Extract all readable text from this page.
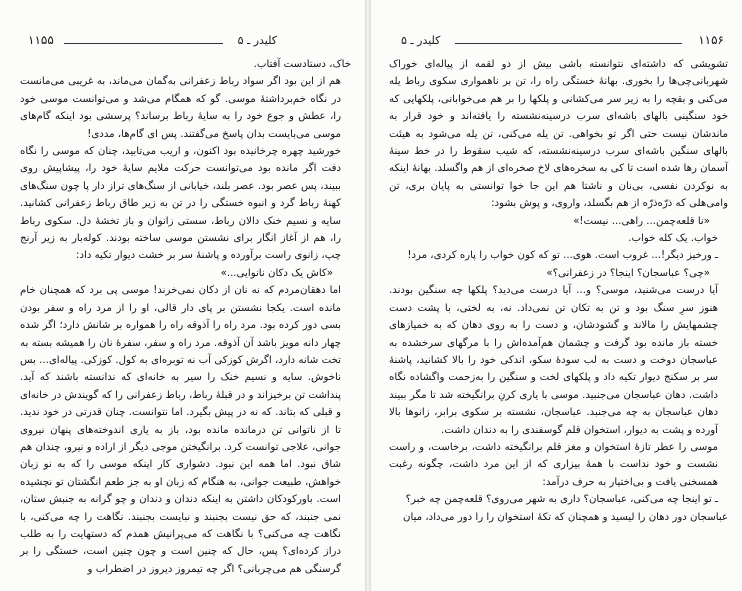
۱۱۵۵	کلیدر ـ ۵

خاک، دستادست آفتاب.

هم از این بود اگر سواد رباط زعفرانی به‌گمان می‌ماند، به غریبی می‌مانست در نگاه خم‌برداشتهٔ موسی. گو که همگام می‌شد و می‌توانست موسی خود را، عطش و جوع خود را به سایهٔ رباط برساند؟ پرسشی بود اینکه گام‌های موسی می‌بایست بدان پاسخ می‌گفتند. پس ای گام‌ها، مددی!

خورشید چهره چرخانیده بود اکنون، و اریب می‌تابید، چنان که موسی را نگاه دفت اگر مانده بود می‌توانست حرکت ملایم سایهٔ خود را، پیشاپیش روی ببیند، پس عصر بود. عصر بلند، خیابانی از سنگ‌های تراز دار پا چون سنگ‌های کهنهٔ رباط گرد و انبوه خستگی را در تن به زیر طاق رباط زعفرانی کشانید. سایه و نسیم خنک دالان رباط، سستی زانوان و باز تخشهٔ دل. سکوی رباط را، هم از آغاز انگار برای نشستن موسی ساخته بودند. کوله‌بار به زیر آرنج چپ، زانوی راست برآورده و پاشنهٔ سر بر خشت دیوار تکیه داد:

«کاش یک دکان نانوایی...»

اما دهقان‌مردم که نه نان از دکان نمی‌خرند! موسی پی برد که همچنان خام مانده است. یکجا نشستن بر پای دار قالی، او را از مرد راه و سفر بودن بسی دور کرده بود. مرد راه را آذوقه راه را همواره بر شانش دارد؛ اگر شده چهار دانه مویز باشد آن آذوقه. مرد راه و سفر، سفرهٔ نان را همیشه بسته به تخت شانه دارد، اگرش کوزکی آب نه توبره‌ای به کول. کوزکی. پیاله‌ای... بس ناخوش. سایه و نسیم خنک را سیر به خانه‌ای که ندانسته باشند که آید. پنداشت تن برخیزاند و در قبلهٔ رباط، رباط زعفرانی را که گویندش در خانه‌ای و قبلی که بتاند. که نه در پیش بگیرد. اما نتوانست. چنان قدرتی در خود ندید. تا از ناتوانی تن درمانده مانده بود، باز به یاری اندوخته‌های پنهان نیروی جوانی، علاجی توانست کرد. برانگیختن موجی دیگر از اراده و نیرو، چندان هم شاق نبود. اما همه این نبود. دشواری کار اینکه موسی را که به نو زبان خواهش، طبیعت جوانی، به هنگام که زبان او به جز طعم انگشتان تو نچشیده است. باورکودکان داشتن به اینکه دندان و دندان و چو گرانه به جنبش ستان، نمی جنبند، که حق نیست بجنبند و نبایست بجنبند. نگاهت را چه می‌کنی، با نگاهت چه می‌کنی؟ با نگاهت که می‌پرانیش همدم که دستهایت را به طلب دراز کرده‌ای؟ پس، حال که چنین است و چون چنین است، خستگی را بر گرسنگی هم می‌چربانی؟ اگر چه تیمروز دیروز در اضطراب و

کلیدر ـ ۵	۱۱۵۶

تشویشی که داشته‌ای نتوانسته باشی بیش از دو لقمه از پیاله‌ای خوراک شهربانی‌چی‌ها را بخوری. بهانهٔ خستگی راه را، تن بر ناهمواری سکوی رباط یله می‌کنی و بقچه را به زیر سر می‌کشانی و پلکها را بر هم می‌خوابانی، پلکهایی که خود سنگینی بالهای باشه‌ای سرب‌ درسینه‌نشسته را یافته‌اند و خود قرار به ماندشان نیست حتی اگر تو بخواهی. تن یله می‌کنی، تن یله می‌شود به هیئت بالهای سنگین باشه‌ای سرب‌ درسینه‌نشسته، که شیب سقوط را در خط سینهٔ آسمان رها شده است تا کی به سخره‌های لاخ صخره‌ای از هم واگسلد. بهانهٔ اینکه به نوکردن نفسی، بی‌نان و ناشتا هم این جا خوا توانستی به پایان بری، تن وامی‌هلی که ذرّه‌ذرّه از هم بگسلد، واروی، و پوش بشود:

«نا قلعه‌چمن... راهی... نیست!»

خواب. یک کله خواب.

ـ ورخیز دیگر!... غروب است. هوی... تو که کون خواب را پاره کردی، مرد!

«چی؟ عباسجان؟ اینجا؟ در زعفرانی؟»

آیا درست می‌شنید، موسی؟ و... آیا درست می‌دید؟ پلکها چه سنگین بودند. هنوز سرِ سنگ بود و تن به تکان تن نمی‌داد. نه، به لختی، با پشت دست چشمهایش را مالاند و گشودشان، و دست را به روی دهان که به خمیازهای خسته باز مانده بود گرفت و چشمان هم‌آمده‌اش را با مرگهای سرخشده به عباسجان دوخت و دست به لب سودهٔ سکو، اندکی خود را بالا کشانید، پاشنهٔ سر بر سکنج دیوار تکیه داد و پلکهای لخت و سنگین را به‌زحمت واگشاده نگاه داشت. دهان عباسجان می‌جنبید. موسی با یاری کرنِ برانگیخته شد تا مگر ببیند دهان عباسجان به چه می‌جنبد. عباسجان، نشسته بر سکوی برابر، زانوها بالا آورده و پشت به دیوار، استخوان قلم گوسفندی را به دندان داشت.

موسی را عطر تازهٔ استخوان و مغز قلم برانگیخته داشت، برخاست، و راست نشست و خود نداست با همهٔ بیزاری که از این مرد داشت، چگونه رغبت همسخنی یافت و بی‌اختیار به حرف درآمد:

ـ تو اینجا چه می‌کنی، عباسجان؟ داری به شهر می‌روی؟ قلعه‌چمن چه خبر؟

عباسجان دور دهان را لیسید و همچنان که تکهٔ استخوان را را دور می‌داد، میان
